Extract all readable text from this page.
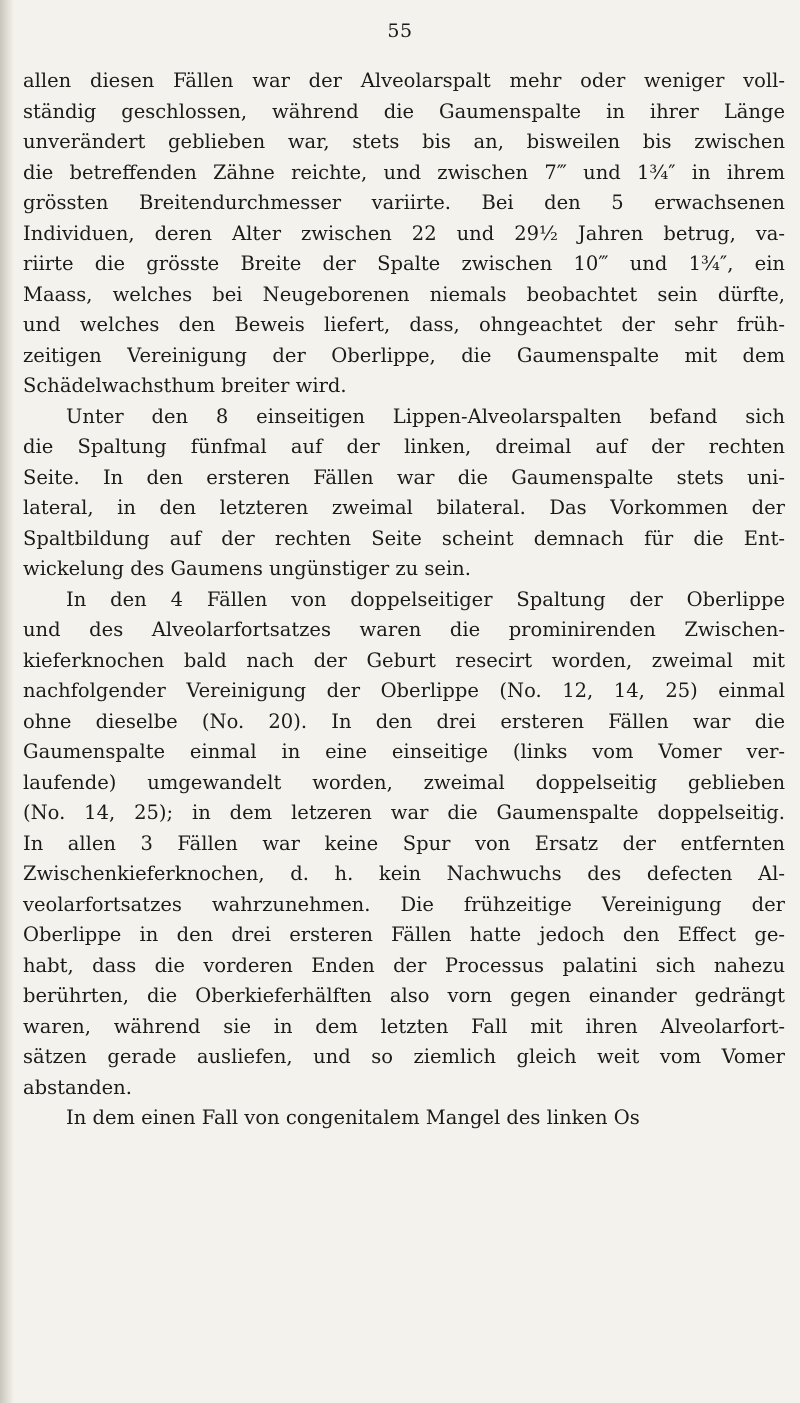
55
allen diesen Fällen war der Alveolarspalt mehr oder weniger voll-
ständig geschlossen, während die Gaumenspalte in ihrer Länge
unverändert geblieben war, stets bis an, bisweilen bis zwischen
die betreffenden Zähne reichte, und zwischen 7‴ und 1¾″ in ihrem
grössten Breitendurchmesser variirte. Bei den 5 erwachsenen
Individuen, deren Alter zwischen 22 und 29½ Jahren betrug, va-
riirte die grösste Breite der Spalte zwischen 10‴ und 1¾″, ein
Maass, welches bei Neugeborenen niemals beobachtet sein dürfte,
und welches den Beweis liefert, dass, ohngeachtet der sehr früh-
zeitigen Vereinigung der Oberlippe, die Gaumenspalte mit dem
Schädelwachsthum breiter wird.
Unter den 8 einseitigen Lippen-Alveolarspalten befand sich
die Spaltung fünfmal auf der linken, dreimal auf der rechten
Seite. In den ersteren Fällen war die Gaumenspalte stets uni-
lateral, in den letzteren zweimal bilateral. Das Vorkommen der
Spaltbildung auf der rechten Seite scheint demnach für die Ent-
wickelung des Gaumens ungünstiger zu sein.
In den 4 Fällen von doppelseitiger Spaltung der Oberlippe
und des Alveolarfortsatzes waren die prominirenden Zwischen-
kieferknochen bald nach der Geburt resecirt worden, zweimal mit
nachfolgender Vereinigung der Oberlippe (No. 12, 14, 25) einmal
ohne dieselbe (No. 20). In den drei ersteren Fällen war die
Gaumenspalte einmal in eine einseitige (links vom Vomer ver-
laufende) umgewandelt worden, zweimal doppelseitig geblieben
(No. 14, 25); in dem letzeren war die Gaumenspalte doppelseitig.
In allen 3 Fällen war keine Spur von Ersatz der entfernten
Zwischenkieferknochen, d. h. kein Nachwuchs des defecten Al-
veolarfortsatzes wahrzunehmen. Die frühzeitige Vereinigung der
Oberlippe in den drei ersteren Fällen hatte jedoch den Effect ge-
habt, dass die vorderen Enden der Processus palatini sich nahezu
berührten, die Oberkieferhälften also vorn gegen einander gedrängt
waren, während sie in dem letzten Fall mit ihren Alveolarfort-
sätzen gerade ausliefen, und so ziemlich gleich weit vom Vomer
abstanden.
In dem einen Fall von congenitalem Mangel des linken Os
